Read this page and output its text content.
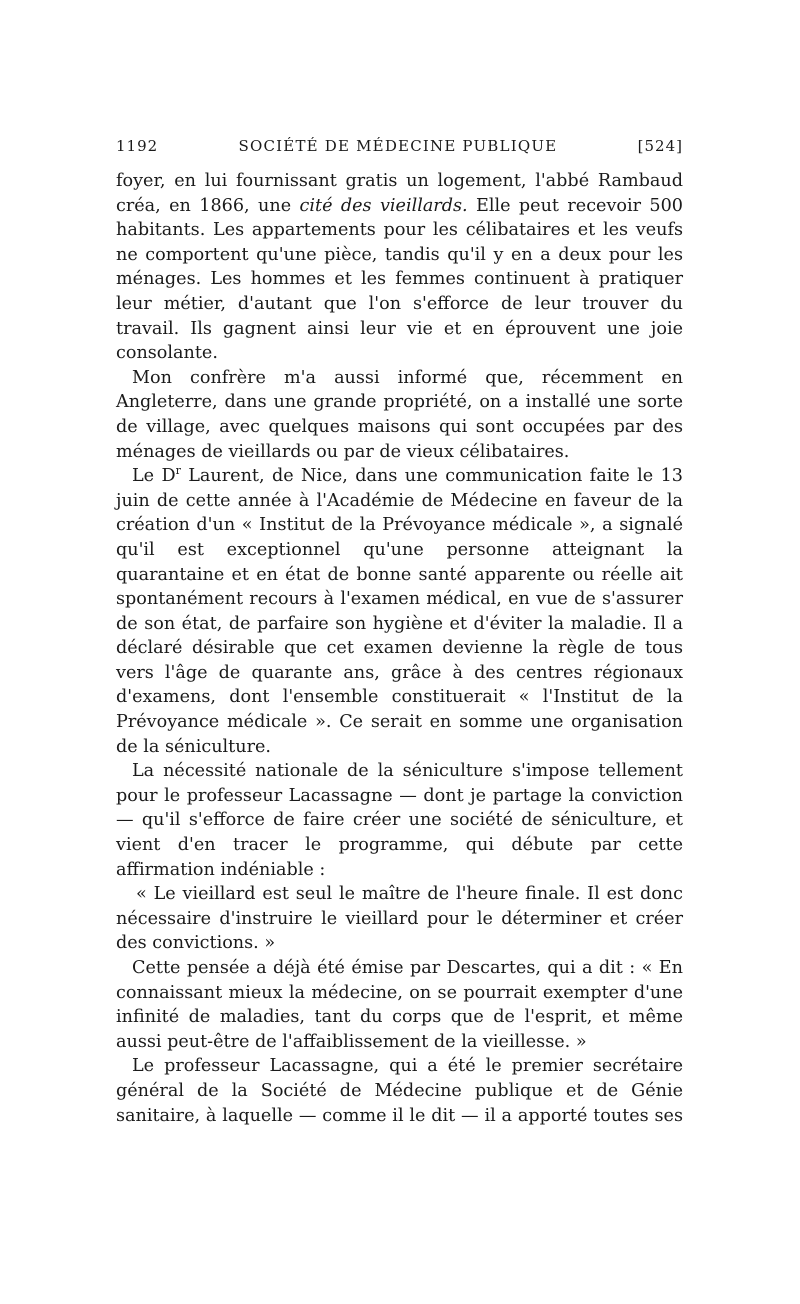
1192	SOCIÉTÉ DE MÉDECINE PUBLIQUE	[524]

foyer, en lui fournissant gratis un logement, l'abbé Rambaud créa, en 1866, une cité des vieillards. Elle peut recevoir 500 habitants. Les appartements pour les célibataires et les veufs ne comportent qu'une pièce, tandis qu'il y en a deux pour les ménages. Les hommes et les femmes continuent à pratiquer leur métier, d'autant que l'on s'efforce de leur trouver du travail. Ils gagnent ainsi leur vie et en éprouvent une joie consolante.

Mon confrère m'a aussi informé que, récemment en Angleterre, dans une grande propriété, on a installé une sorte de village, avec quelques maisons qui sont occupées par des ménages de vieillards ou par de vieux célibataires.

Le $D^r$ Laurent, de Nice, dans une communication faite le 13 juin de cette année à l'Académie de Médecine en faveur de la création d'un « Institut de la Prévoyance médicale », a signalé qu'il est exceptionnel qu'une personne atteignant la quarantaine et en état de bonne santé apparente ou réelle ait spontanément recours à l'examen médical, en vue de s'assurer de son état, de parfaire son hygiène et d'éviter la maladie. Il a déclaré désirable que cet examen devienne la règle de tous vers l'âge de quarante ans, grâce à des centres régionaux d'examens, dont l'ensemble constituerait « l'Institut de la Prévoyance médicale ». Ce serait en somme une organisation de la séniculture.

La nécessité nationale de la séniculture s'impose tellement pour le professeur Lacassagne — dont je partage la conviction — qu'il s'efforce de faire créer une société de séniculture, et vient d'en tracer le programme, qui débute par cette affirmation indéniable :

« Le vieillard est seul le maître de l'heure finale. Il est donc nécessaire d'instruire le vieillard pour le déterminer et créer des convictions. »

Cette pensée a déjà été émise par Descartes, qui a dit : « En connaissant mieux la médecine, on se pourrait exempter d'une infinité de maladies, tant du corps que de l'esprit, et même aussi peut-être de l'affaiblissement de la vieillesse. »

Le professeur Lacassagne, qui a été le premier secrétaire général de la Société de Médecine publique et de Génie sanitaire, à laquelle — comme il le dit — il a apporté toutes ses
